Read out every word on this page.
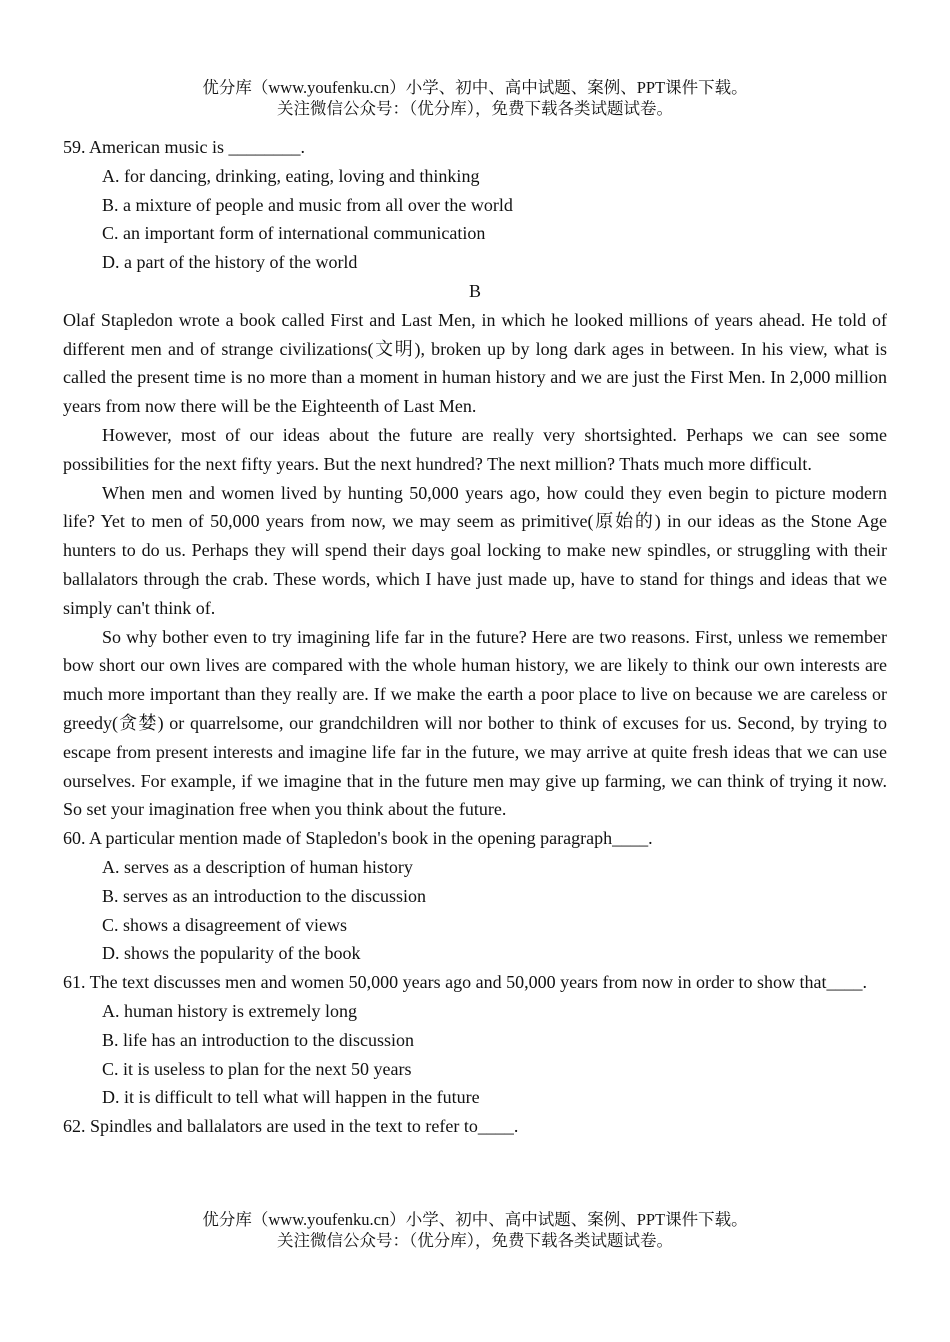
优分库（www.youfenku.cn）小学、初中、高中试题、案例、PPT课件下载。
关注微信公众号：（优分库），免费下载各类试题试卷。

59. American music is ________.

A. for dancing, drinking, eating, loving and thinking

B. a mixture of people and music from all over the world

C. an important form of international communication

D. a part of the history of the world

B

Olaf Stapledon wrote a book called First and Last Men, in which he looked millions of years ahead. He told of different men and of strange civilizations(文明), broken up by long dark ages in between. In his view, what is called the present time is no more than a moment in human history and we are just the First Men. In 2,000 million years from now there will be the Eighteenth of Last Men.

However, most of our ideas about the future are really very shortsighted. Perhaps we can see some possibilities for the next fifty years. But the next hundred? The next million? Thats much more difficult.

When men and women lived by hunting 50,000 years ago, how could they even begin to picture modern life? Yet to men of 50,000 years from now, we may seem as primitive(原始的) in our ideas as the Stone Age hunters to do us. Perhaps they will spend their days goal locking to make new spindles, or struggling with their ballalators through the crab. These words, which I have just made up, have to stand for things and ideas that we simply can't think of.

So why bother even to try imagining life far in the future? Here are two reasons. First, unless we remember bow short our own lives are compared with the whole human history, we are likely to think our own interests are much more important than they really are. If we make the earth a poor place to live on because we are careless or greedy(贪婪) or quarrelsome, our grandchildren will nor bother to think of excuses for us. Second, by trying to escape from present interests and imagine life far in the future, we may arrive at quite fresh ideas that we can use ourselves. For example, if we imagine that in the future men may give up farming, we can think of trying it now. So set your imagination free when you think about the future.

60. A particular mention made of Stapledon's book in the opening paragraph____.

A. serves as a description of human history

B. serves as an introduction to the discussion

C. shows a disagreement of views

D. shows the popularity of the book

61. The text discusses men and women 50,000 years ago and 50,000 years from now in order to show that____.

A. human history is extremely long

B. life has an introduction to the discussion

C. it is useless to plan for the next 50 years

D. it is difficult to tell what will happen in the future

62. Spindles and ballalators are used in the text to refer to____.

优分库（www.youfenku.cn）小学、初中、高中试题、案例、PPT课件下载。
关注微信公众号：（优分库），免费下载各类试题试卷。
